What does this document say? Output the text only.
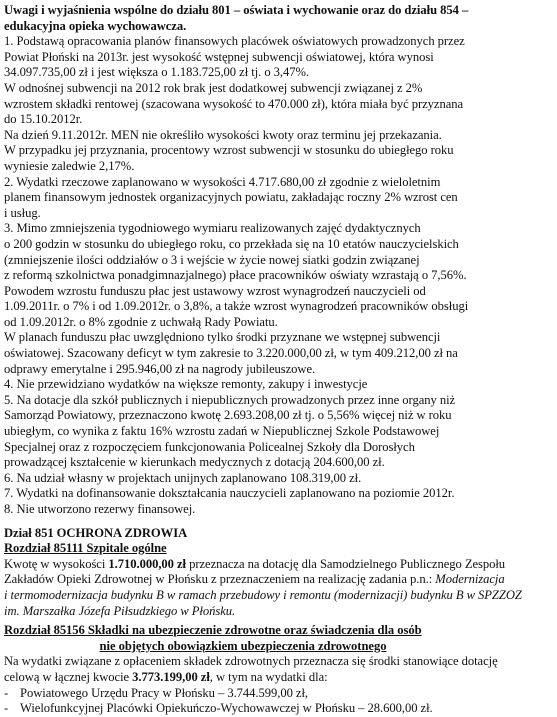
Uwagi i wyjaśnienia wspólne do działu 801 – oświata i wychowanie oraz do działu 854 –
edukacyjna opieka wychowawcza.
1. Podstawą opracowania planów finansowych placówek oświatowych prowadzonych przez
Powiat Płoński na 2013r. jest wysokość wstępnej subwencji oświatowej, która wynosi
34.097.735,00 zł i jest większa o 1.183.725,00 zł tj. o 3,47%.
W odnośnej subwencji na 2012 rok brak jest dodatkowej subwencji związanej z 2%
wzrostem składki rentowej (szacowana wysokość to 470.000 zł), która miała być przyznana
do 15.10.2012r.
Na dzień 9.11.2012r. MEN nie określiło wysokości kwoty oraz terminu jej przekazania.
W przypadku jej przyznania, procentowy wzrost subwencji w stosunku do ubiegłego roku
wyniesie zaledwie 2,17%.
2. Wydatki rzeczowe zaplanowano w wysokości 4.717.680,00 zł zgodnie z wieloletnim
planem finansowym jednostek organizacyjnych powiatu, zakładając roczny 2% wzrost cen
i usług.
3. Mimo zmniejszenia tygodniowego wymiaru realizowanych zajęć dydaktycznych
o 200 godzin w stosunku do ubiegłego roku, co przekłada się na 10 etatów nauczycielskich
(zmniejszenie ilości oddziałów o 3 i wejście w życie nowej siatki godzin związanej
z reformą szkolnictwa ponadgimnazjalnego) płace pracowników oświaty wzrastają o 7,56%.
Powodem wzrostu funduszu płac jest ustawowy wzrost wynagrodzeń nauczycieli od
1.09.2011r. o 7% i od 1.09.2012r. o 3,8%, a także wzrost wynagrodzeń pracowników obsługi
od 1.09.2012r. o 8% zgodnie z uchwałą Rady Powiatu.
W planach funduszu płac uwzględniono tylko środki przyznane we wstępnej subwencji
oświatowej. Szacowany deficyt w tym zakresie to 3.220.000,00 zł, w tym 409.212,00 zł na
odprawy emerytalne i 295.946,00 zł na nagrody jubileuszowe.
4. Nie przewidziano wydatków na większe remonty, zakupy i inwestycje
5. Na dotacje dla szkół publicznych i niepublicznych prowadzonych przez inne organy niż
Samorząd Powiatowy, przeznaczono kwotę 2.693.208,00 zł tj. o 5,56% więcej niż w roku
ubiegłym, co wynika z faktu 16% wzrostu zadań w Niepublicznej Szkole Podstawowej
Specjalnej oraz z rozpoczęciem funkcjonowania Policealnej Szkoły dla Dorosłych
prowadzącej kształcenie w kierunkach medycznych z dotacją 204.600,00 zł.
6. Na udział własny w projektach unijnych zaplanowano 108.319,00 zł.
7. Wydatki na dofinansowanie dokształcania nauczycieli zaplanowano na poziomie 2012r.
8. Nie utworzono rezerwy finansowej.
Dział 851 OCHRONA ZDROWIA
Rozdział 85111 Szpitale ogólne
Kwotę w wysokości 1.710.000,00 zł przeznacza na dotację dla Samodzielnego Publicznego Zespołu
Zakładów Opieki Zdrowotnej w Płońsku z przeznaczeniem na realizację zadania p.n.: Modernizacja
i termomodernizacja budynku B w ramach przebudowy i remontu (modernizacji) budynku B w SPZZOZ
im. Marszałka Józefa Piłsudzkiego w Płońsku.
Rozdział 85156 Składki na ubezpieczenie zdrowotne oraz świadczenia dla osób
nie objętych obowiązkiem ubezpieczenia zdrowotnego
Na wydatki związane z opłaceniem składek zdrowotnych przeznacza się środki stanowiące dotację
celową w łącznej kwocie 3.773.199,00 zł, w tym na wydatki dla:
- Powiatowego Urzędu Pracy w Płońsku – 3.744.599,00 zł,
- Wielofunkcyjnej Placówki Opiekuńczo-Wychowawczej w Płońsku – 28.600,00 zł.
